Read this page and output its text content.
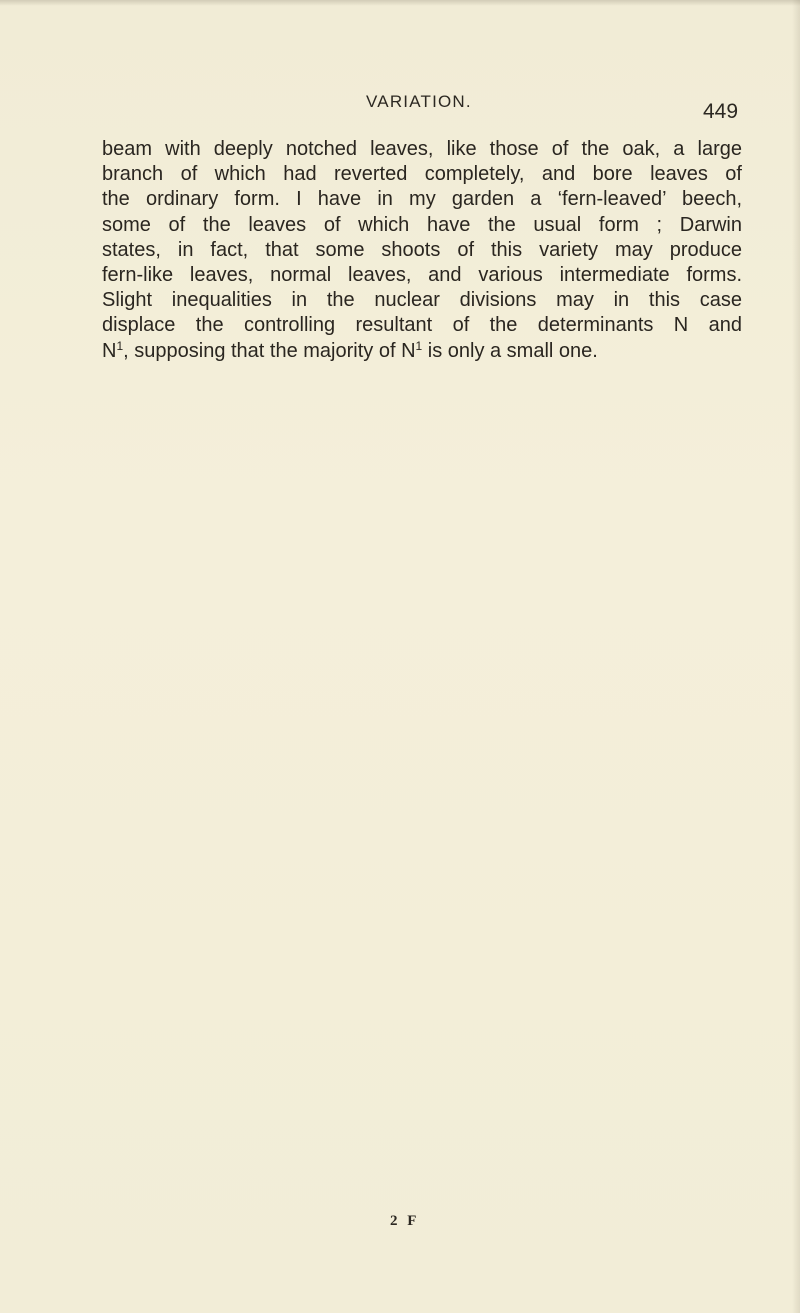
VARIATION.	449
beam with deeply notched leaves, like those of the oak, a large
branch of which had reverted completely, and bore leaves of
the ordinary form. I have in my garden a ‘fern-leaved’ beech,
some of the leaves of which have the usual form ; Darwin
states, in fact, that some shoots of this variety may produce
fern-like leaves, normal leaves, and various intermediate forms.
Slight inequalities in the nuclear divisions may in this case
displace the controlling resultant of the determinants N and
$N^1$, supposing that the majority of $N^1$ is only a small one.
2 F
